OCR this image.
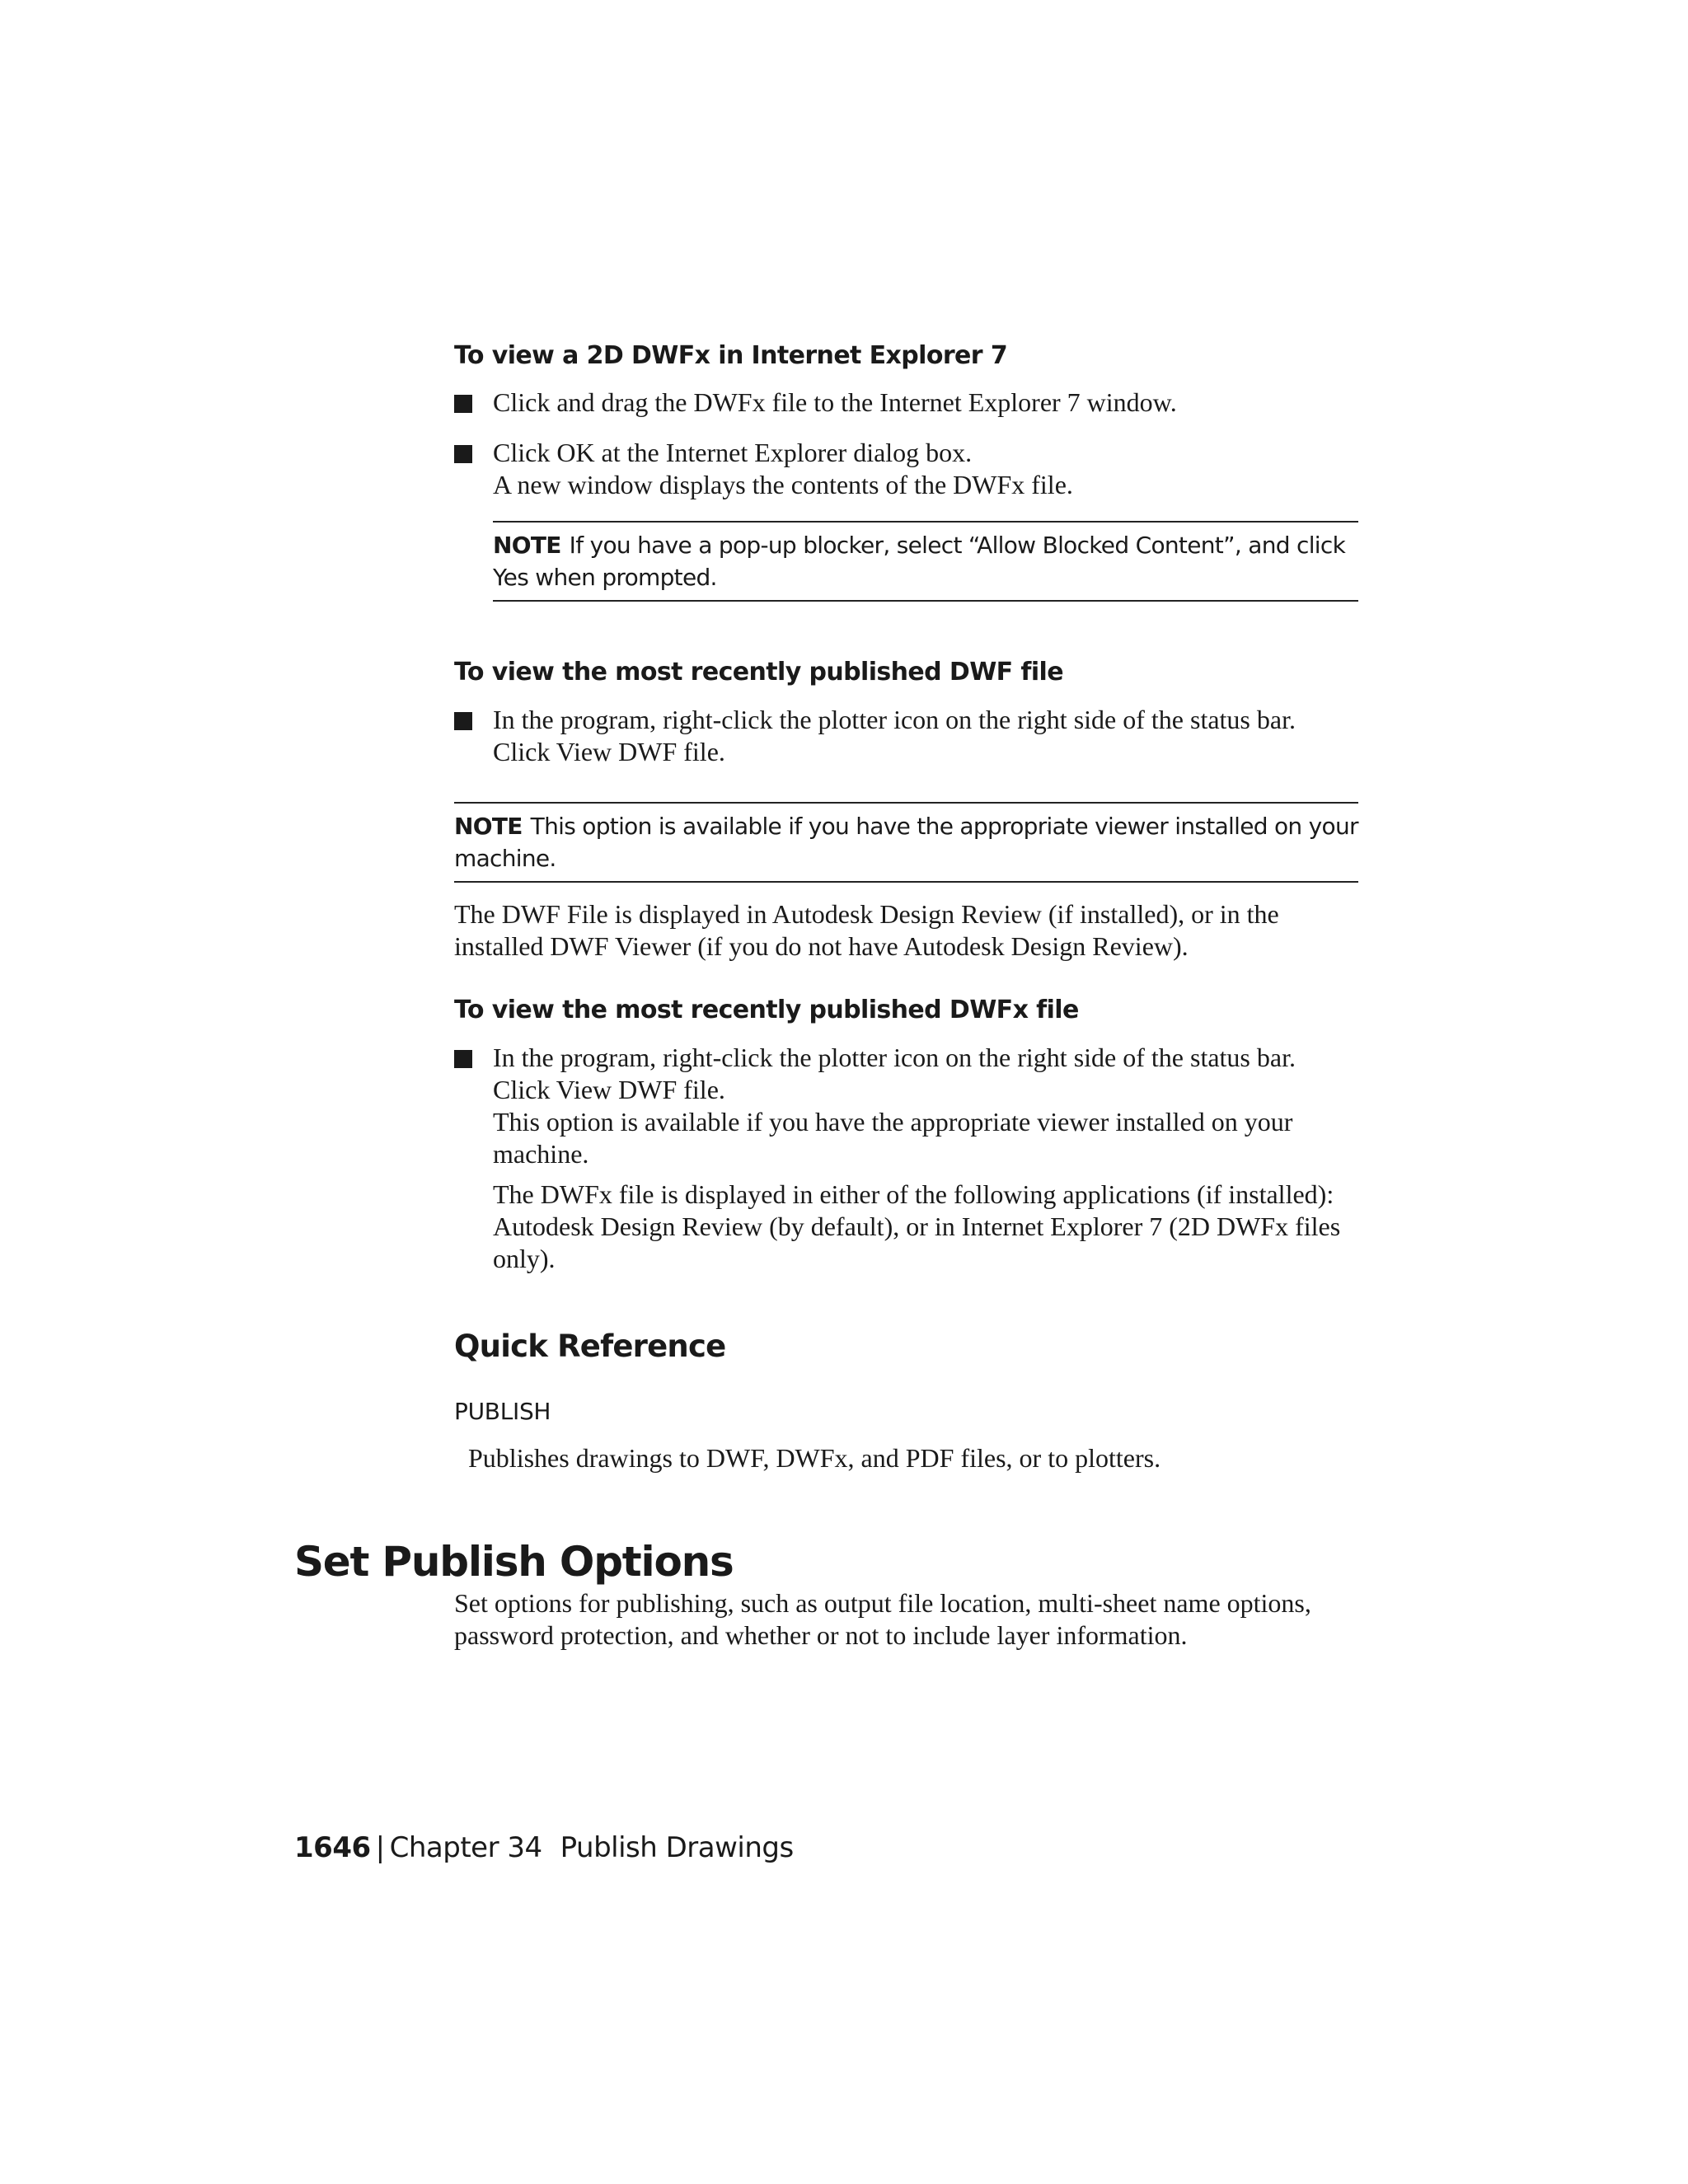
To view a 2D DWFx in Internet Explorer 7

Click and drag the DWFx file to the Internet Explorer 7 window.

Click OK at the Internet Explorer dialog box.

A new window displays the contents of the DWFx file.

NOTE If you have a pop-up blocker, select “Allow Blocked Content”, and click Yes when prompted.
To view the most recently published DWF file

In the program, right-click the plotter icon on the right side of the status bar. Click View DWF file.

NOTE This option is available if you have the appropriate viewer installed on your machine.

The DWF File is displayed in Autodesk Design Review (if installed), or in the installed DWF Viewer (if you do not have Autodesk Design Review).

To view the most recently published DWFx file

In the program, right-click the plotter icon on the right side of the status bar. Click View DWF file.

This option is available if you have the appropriate viewer installed on your machine.

The DWFx file is displayed in either of the following applications (if installed): Autodesk Design Review (by default), or in Internet Explorer 7 (2D DWFx files only).

Quick Reference
PUBLISH
Publishes drawings to DWF, DWFx, and PDF files, or to plotters.

Set options for publishing, such as output file location, multi-sheet name options, password protection, and whether or not to include layer information.

Set Publish Options
1646 | Chapter 34 Publish Drawings
